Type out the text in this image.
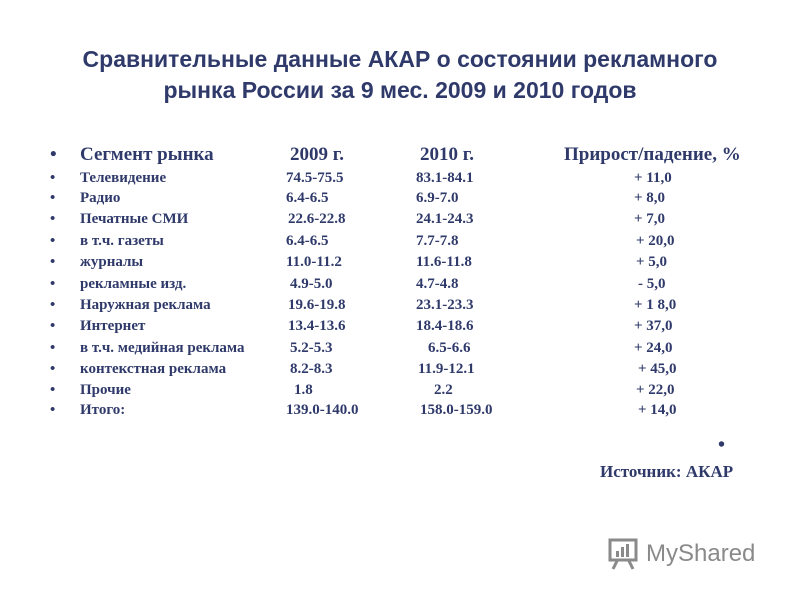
Сравнительные данные АКАР о состоянии рекламного
рынка России за 9 мес. 2009 и 2010 годов
• Сегмент рынка	2009 г.	2010 г.	Прирост/падение, %
• Телевидение	74.5-75.5	83.1-84.1	+ 11,0
• Радио	6.4-6.5	6.9-7.0	+ 8,0
• Печатные СМИ	22.6-22.8	24.1-24.3	+ 7,0
• в т.ч. газеты	6.4-6.5	7.7-7.8	+ 20,0
• журналы	11.0-11.2	11.6-11.8	+ 5,0
• рекламные изд.	4.9-5.0	4.7-4.8	- 5,0
• Наружная реклама	19.6-19.8	23.1-23.3	+ 1 8,0
• Интернет	13.4-13.6	18.4-18.6	+ 37,0
• в т.ч. медийная реклама	5.2-5.3	6.5-6.6	+ 24,0
• контекстная реклама	8.2-8.3	11.9-12.1	+ 45,0
• Прочие	1.8	2.2	+ 22,0
• Итого:	139.0-140.0	158.0-159.0	+ 14,0
•
Источник: АКАР
MyShared
